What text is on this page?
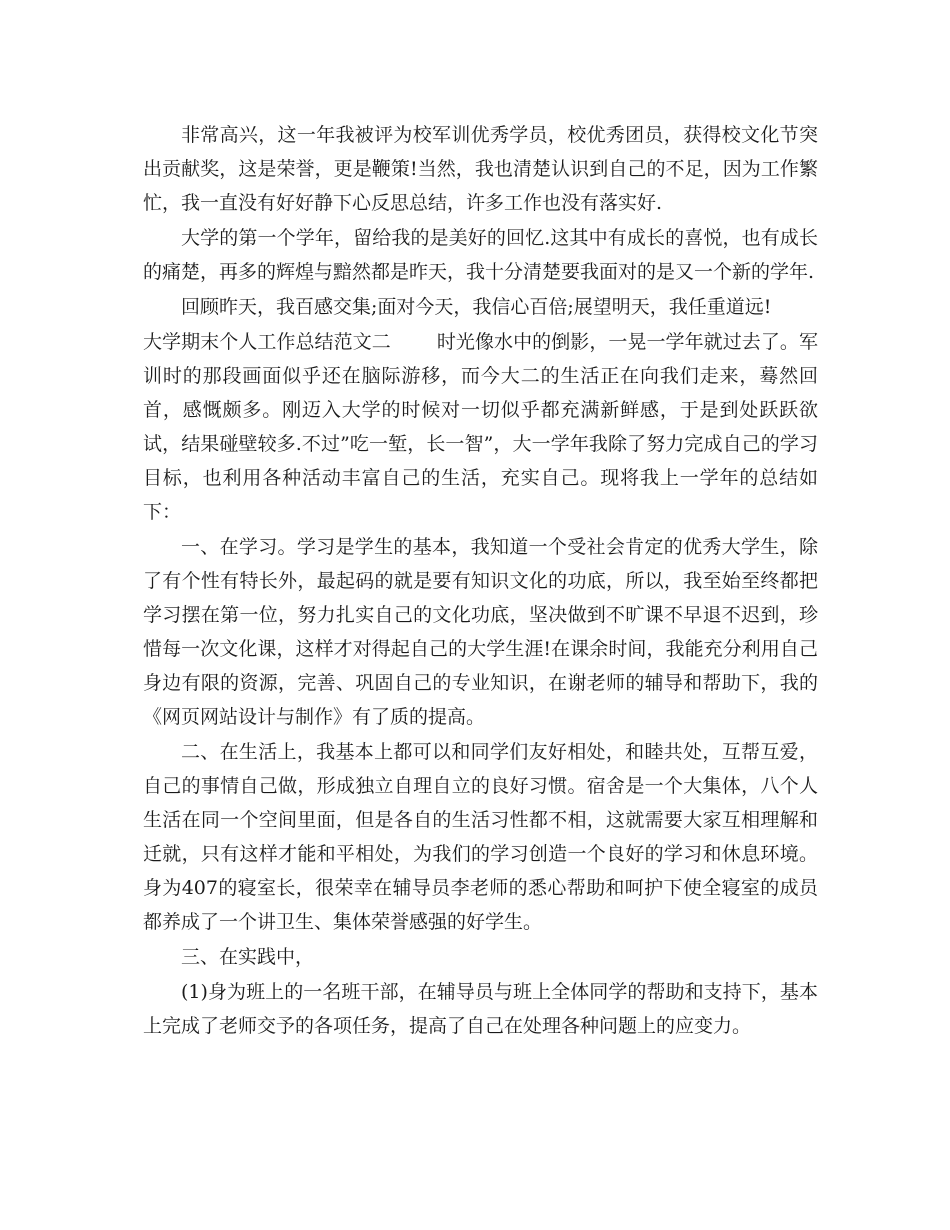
非常高兴，这一年我被评为校军训优秀学员，校优秀团员，获得校文化节突出贡献奖，这是荣誉，更是鞭策!当然，我也清楚认识到自己的不足，因为工作繁忙，我一直没有好好静下心反思总结，许多工作也没有落实好.

大学的第一个学年，留给我的是美好的回忆.这其中有成长的喜悦，也有成长的痛楚，再多的辉煌与黯然都是昨天，我十分清楚要我面对的是又一个新的学年.

回顾昨天，我百感交集;面对今天，我信心百倍;展望明天，我任重道远!

大学期末个人工作总结范文二 时光像水中的倒影，一晃一学年就过去了。军训时的那段画面似乎还在脑际游移，而今大二的生活正在向我们走来，蓦然回首，感慨颇多。刚迈入大学的时候对一切似乎都充满新鲜感，于是到处跃跃欲试，结果碰壁较多.不过”吃一堑，长一智”，大一学年我除了努力完成自己的学习目标，也利用各种活动丰富自己的生活，充实自己。现将我上一学年的总结如下：

一、在学习。学习是学生的基本，我知道一个受社会肯定的优秀大学生，除了有个性有特长外，最起码的就是要有知识文化的功底，所以，我至始至终都把学习摆在第一位，努力扎实自己的文化功底，坚决做到不旷课不早退不迟到，珍惜每一次文化课，这样才对得起自己的大学生涯!在课余时间，我能充分利用自己身边有限的资源，完善、巩固自己的专业知识，在谢老师的辅导和帮助下，我的《网页网站设计与制作》有了质的提高。

二、在生活上，我基本上都可以和同学们友好相处，和睦共处，互帮互爱，自己的事情自己做，形成独立自理自立的良好习惯。宿舍是一个大集体，八个人生活在同一个空间里面，但是各自的生活习性都不相，这就需要大家互相理解和迁就，只有这样才能和平相处，为我们的学习创造一个良好的学习和休息环境。身为407的寝室长，很荣幸在辅导员李老师的悉心帮助和呵护下使全寝室的成员都养成了一个讲卫生、集体荣誉感强的好学生。

三、在实践中，

(1)身为班上的一名班干部，在辅导员与班上全体同学的帮助和支持下，基本上完成了老师交予的各项任务，提高了自己在处理各种问题上的应变力。
